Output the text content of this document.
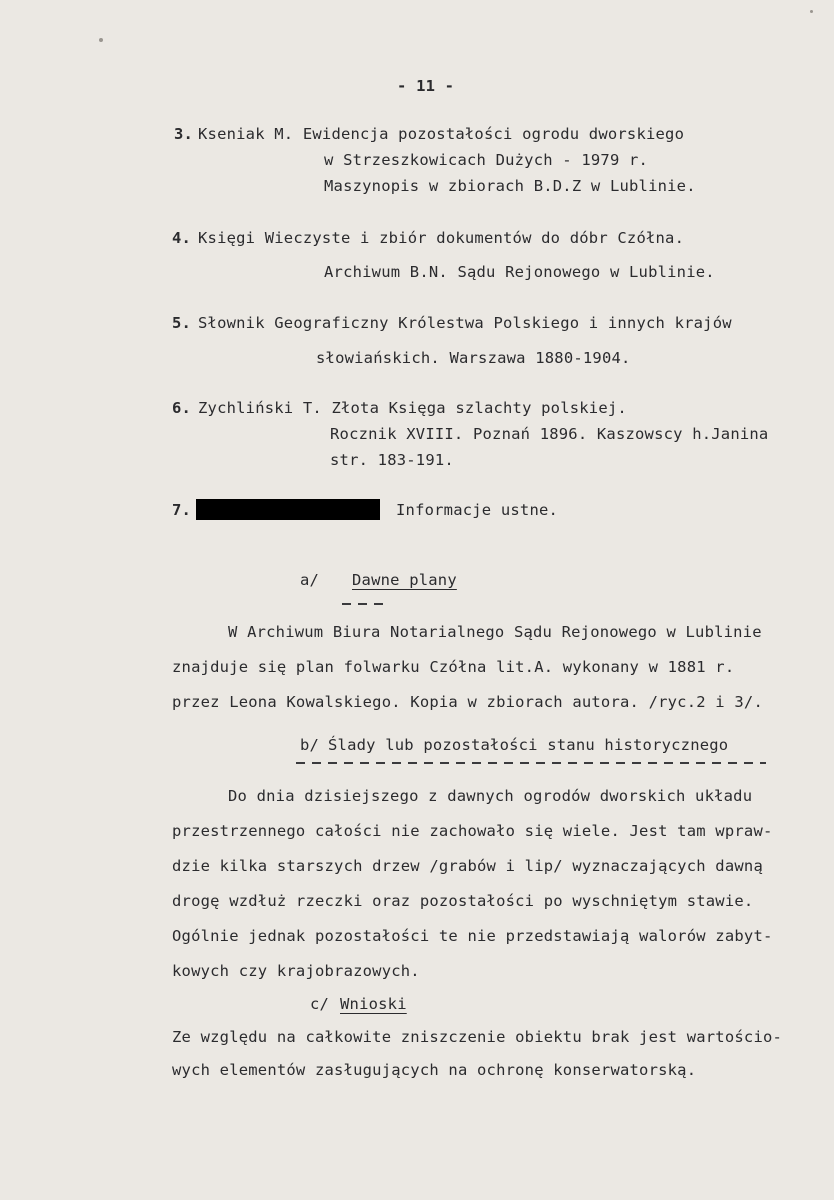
- 11 -
3. Kseniak M. Ewidencja pozostałości ogrodu dworskiego
w Strzeszkowicach Dużych - 1979 r.
Maszynopis w zbiorach B.D.Z w Lublinie.
4. Księgi Wieczyste i zbiór dokumentów do dóbr Czółna.
Archiwum B.N. Sądu Rejonowego w Lublinie.
5. Słownik Geograficzny Królestwa Polskiego i innych krajów
słowiańskich. Warszawa 1880-1904.
6. Zychliński T. Złota Księga szlachty polskiej.
Rocznik XVIII. Poznań 1896. Kaszowscy h.Janina
str. 183-191.
7.	Informacje ustne.
a/ Dawne plany
W Archiwum Biura Notarialnego Sądu Rejonowego w Lublinie
znajduje się plan folwarku Czółna lit.A. wykonany w 1881 r.
przez Leona Kowalskiego. Kopia w zbiorach autora. /ryc.2 i 3/.
b/ Ślady lub pozostałości stanu historycznego
Do dnia dzisiejszego z dawnych ogrodów dworskich układu
przestrzennego całości nie zachowało się wiele. Jest tam wpraw-
dzie kilka starszych drzew /grabów i lip/ wyznaczających dawną
drogę wzdłuż rzeczki oraz pozostałości po wyschniętym stawie.
Ogólnie jednak pozostałości te nie przedstawiają walorów zabyt-
kowych czy krajobrazowych.
c/ Wnioski
Ze względu na całkowite zniszczenie obiektu brak jest wartościo-
wych elementów zasługujących na ochronę konserwatorską.
